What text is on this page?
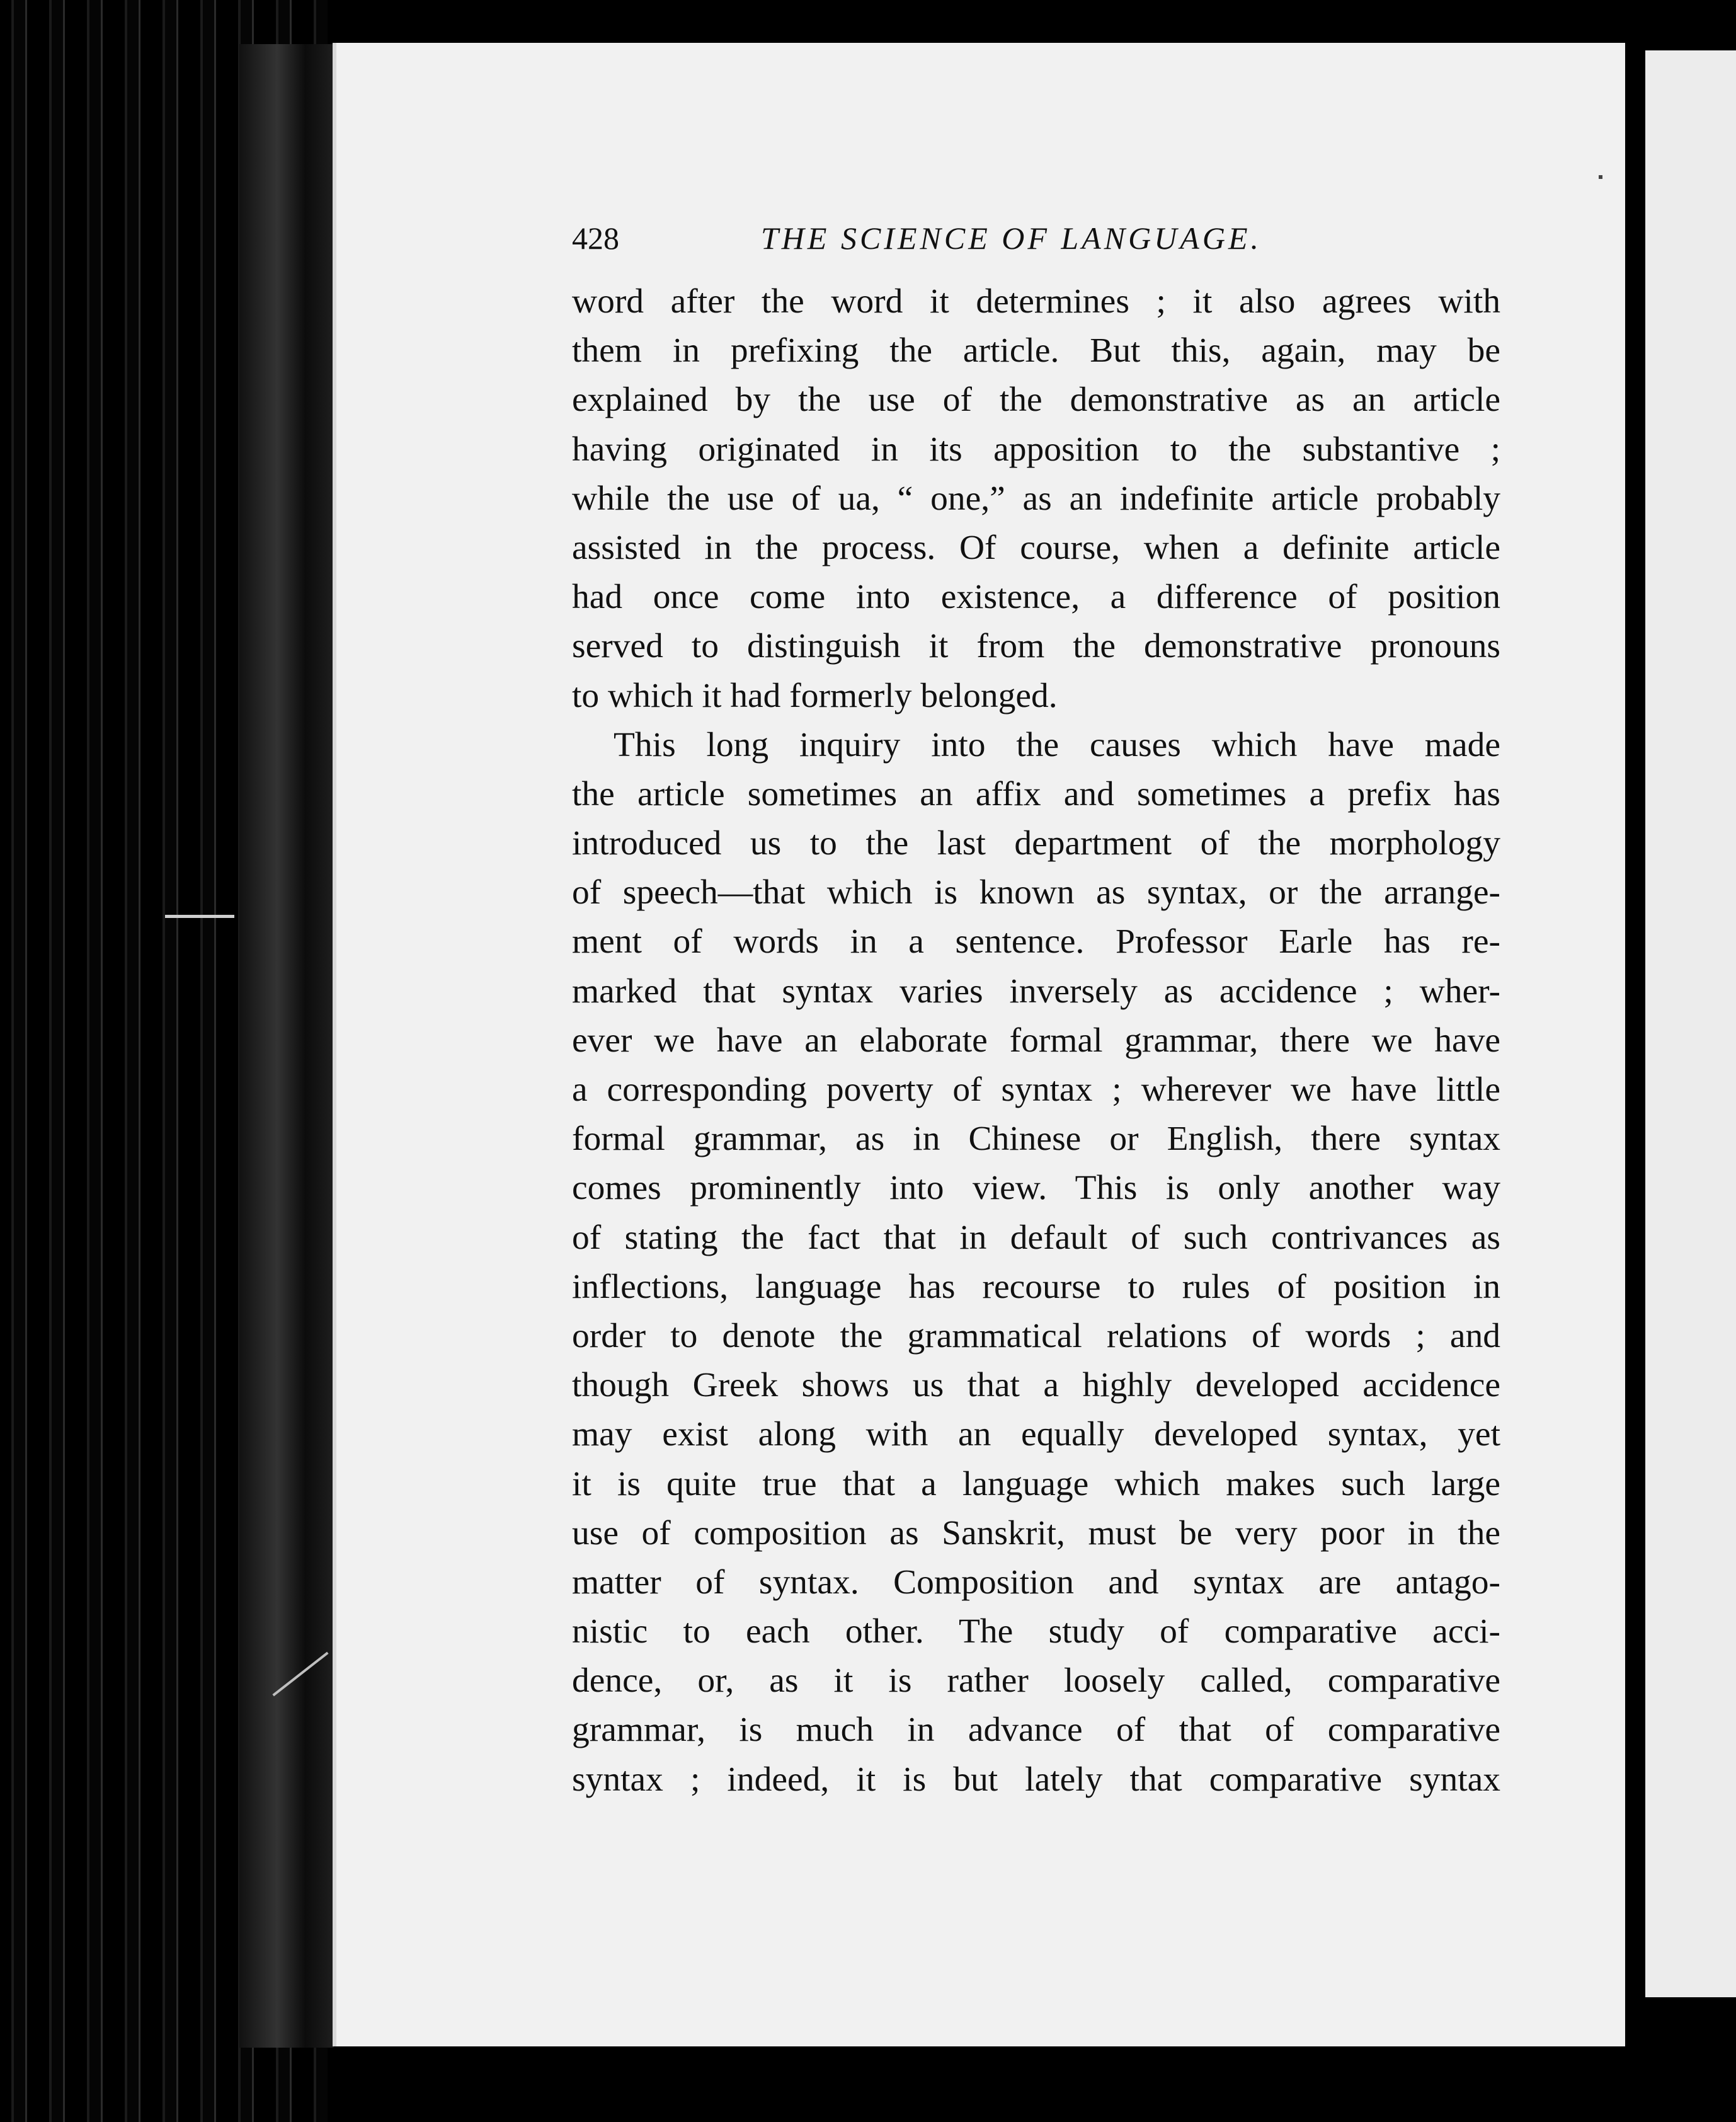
428	THE SCIENCE OF LANGUAGE.
word after the word it determines ; it also agrees with
them in prefixing the article. But this, again, may be
explained by the use of the demonstrative as an article
having originated in its apposition to the substantive ;
while the use of ua, “ one,” as an indefinite article probably
assisted in the process. Of course, when a definite article
had once come into existence, a difference of position
served to distinguish it from the demonstrative pronouns
to which it had formerly belonged.
This long inquiry into the causes which have made
the article sometimes an affix and sometimes a prefix has
introduced us to the last department of the morphology
of speech—that which is known as syntax, or the arrange-
ment of words in a sentence. Professor Earle has re-
marked that syntax varies inversely as accidence ; wher-
ever we have an elaborate formal grammar, there we have
a corresponding poverty of syntax ; wherever we have little
formal grammar, as in Chinese or English, there syntax
comes prominently into view. This is only another way
of stating the fact that in default of such contrivances as
inflections, language has recourse to rules of position in
order to denote the grammatical relations of words ; and
though Greek shows us that a highly developed accidence
may exist along with an equally developed syntax, yet
it is quite true that a language which makes such large
use of composition as Sanskrit, must be very poor in the
matter of syntax. Composition and syntax are antago-
nistic to each other. The study of comparative acci-
dence, or, as it is rather loosely called, comparative
grammar, is much in advance of that of comparative
syntax ; indeed, it is but lately that comparative syntax
